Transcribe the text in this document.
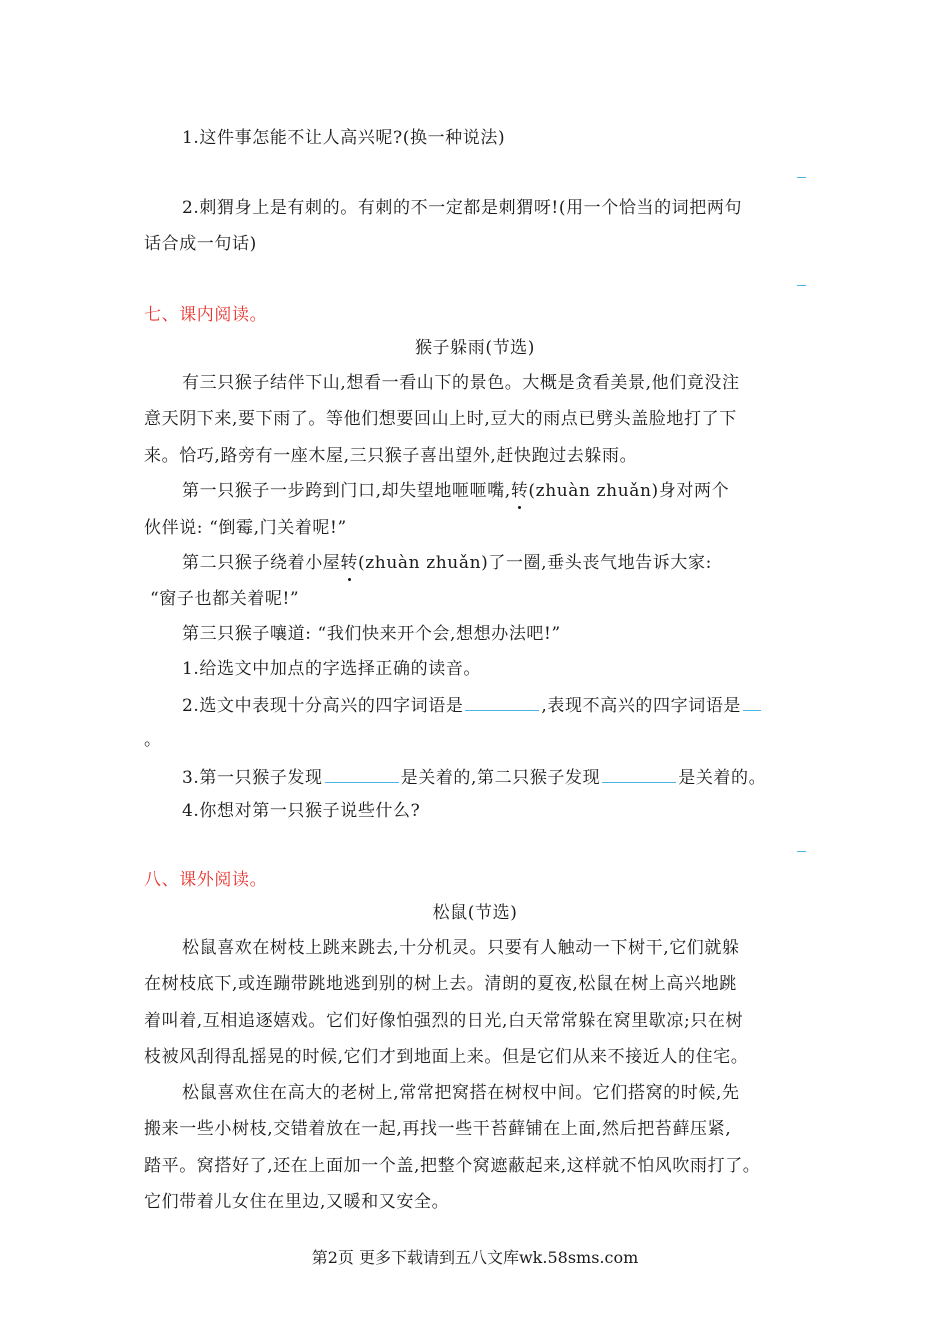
1.这件事怎能不让人高兴呢?(换一种说法)
2.刺猬身上是有刺的。有刺的不一定都是刺猬呀!(用一个恰当的词把两句
话合成一句话)
七、课内阅读。
猴子躲雨(节选)
有三只猴子结伴下山,想看一看山下的景色。大概是贪看美景,他们竟没注
意天阴下来,要下雨了。等他们想要回山上时,豆大的雨点已劈头盖脸地打了下
来。恰巧,路旁有一座木屋,三只猴子喜出望外,赶快跑过去躲雨。
第一只猴子一步跨到门口,却失望地咂咂嘴,转(zhuàn zhuǎn)身对两个
伙伴说: “倒霉,门关着呢!”
第二只猴子绕着小屋转(zhuàn zhuǎn)了一圈,垂头丧气地告诉大家:
“窗子也都关着呢!”
第三只猴子嚷道: “我们快来开个会,想想办法吧!”
1.给选文中加点的字选择正确的读音。
2.选文中表现十分高兴的四字词语是	,表现不高兴的四字词语是
。
3.第一只猴子发现	是关着的,第二只猴子发现	是关着的。
4.你想对第一只猴子说些什么?
八、课外阅读。
松鼠(节选)
松鼠喜欢在树枝上跳来跳去,十分机灵。只要有人触动一下树干,它们就躲
在树枝底下,或连蹦带跳地逃到别的树上去。清朗的夏夜,松鼠在树上高兴地跳
着叫着,互相追逐嬉戏。它们好像怕强烈的日光,白天常常躲在窝里歇凉;只在树
枝被风刮得乱摇晃的时候,它们才到地面上来。但是它们从来不接近人的住宅。
松鼠喜欢住在高大的老树上,常常把窝搭在树杈中间。它们搭窝的时候,先
搬来一些小树枝,交错着放在一起,再找一些干苔藓铺在上面,然后把苔藓压紧,
踏平。窝搭好了,还在上面加一个盖,把整个窝遮蔽起来,这样就不怕风吹雨打了。
它们带着儿女住在里边,又暖和又安全。
第2页 更多下载请到五八文库wk.58sms.com
